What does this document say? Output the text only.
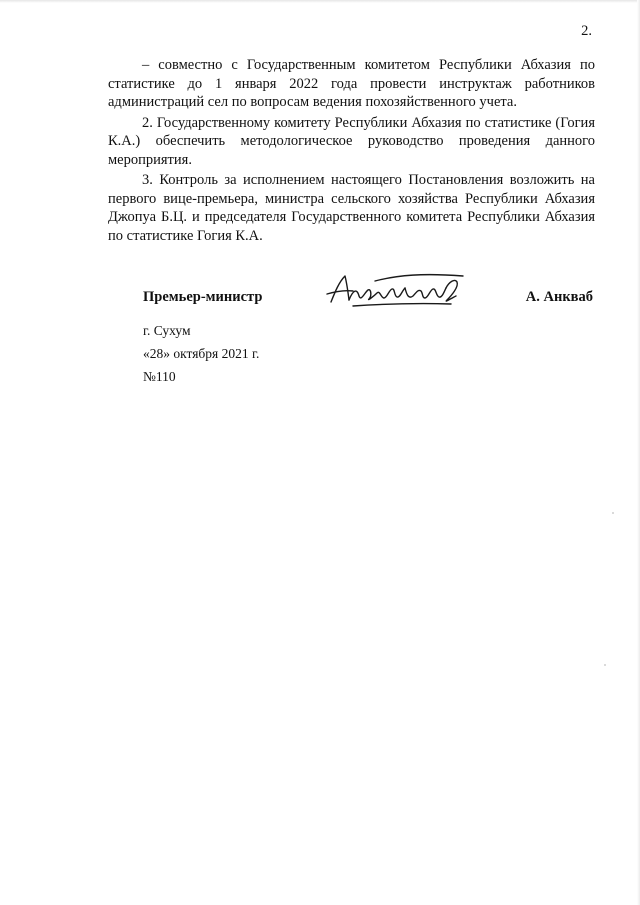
2.

– совместно с Государственным комитетом Республики Абхазия по статистике до 1 января 2022 года провести инструктаж работников администраций сел по вопросам ведения похозяйственного учета.

2. Государственному комитету Республики Абхазия по статистике (Гогия К.А.) обеспечить методологическое руководство проведения данного мероприятия.

3. Контроль за исполнением настоящего Постановления возложить на первого вице-премьера, министра сельского хозяйства Республики Абхазия Джопуа Б.Ц. и председателя Государственного комитета Республики Абхазия по статистике Гогия К.А.

Премьер-министр	А. Анкваб
г. Сухум
«28» октября 2021 г.
№110
